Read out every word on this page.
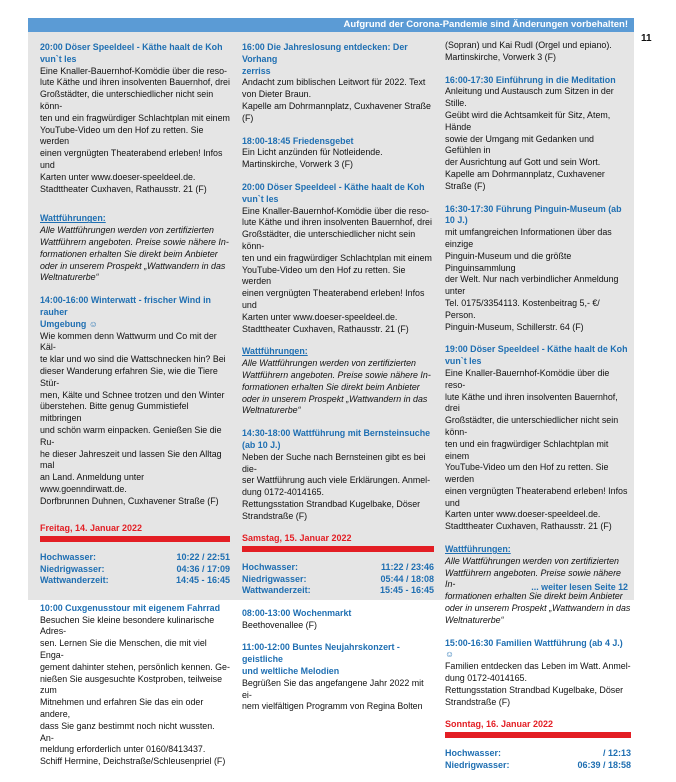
Aufgrund der Corona-Pandemie sind Änderungen vorbehalten!
11
20:00 Döser Speeldeel - Käthe haalt de Koh
vun`t les
Eine Knaller-Bauernhof-Komödie über die reso-
lute Käthe und ihren insolventen Bauernhof, drei
Großstädter, die unterschiedlicher nicht sein könn-
ten und ein fragwürdiger Schlachtplan mit einem
YouTube-Video um den Hof zu retten. Sie werden
einen vergnügten Theaterabend erleben! Infos und
Karten unter www.doeser-speeldeel.de.
Stadttheater Cuxhaven, Rathausstr. 21 (F)
Wattführungen:
Alle Wattführungen werden von zertifizierten
Wattführern angeboten. Preise sowie nähere In-
formationen erhalten Sie direkt beim Anbieter
oder in unserem Prospekt „Wattwandern in das
Weltnaturerbe“
14:00-16:00 Winterwatt - frischer Wind in rauher
Umgebung ☺
Wie kommen denn Wattwurm und Co mit der Käl-
te klar und wo sind die Wattschnecken hin? Bei
dieser Wanderung erfahren Sie, wie die Tiere Stür-
men, Kälte und Schnee trotzen und den Winter
überstehen. Bitte genug Gummistiefel mitbringen
und schön warm einpacken. Genießen Sie die Ru-
he dieser Jahreszeit und lassen Sie den Alltag mal
an Land. Anmeldung unter www.goenndirwatt.de.
Dorfbrunnen Duhnen, Cuxhavener Straße (F)
Freitag, 14. Januar 2022
Hochwasser:	10:22 / 22:51
Niedrigwasser:	04:36 / 17:09
Wattwanderzeit:	14:45 - 16:45
10:00 Cuxgenusstour mit eigenem Fahrrad
Besuchen Sie kleine besondere kulinarische Adres-
sen. Lernen Sie die Menschen, die mit viel Enga-
gement dahinter stehen, persönlich kennen. Ge-
nießen Sie ausgesuchte Kostproben, teilweise zum
Mitnehmen und erfahren Sie das ein oder andere,
dass Sie ganz bestimmt noch nicht wussten. An-
meldung erforderlich unter 0160/8413437.
Schiff Hermine, Deichstraße/Schleusenpriel (F)
16:00 Die Jahreslosung entdecken: Der Vorhang
zerriss
Andacht zum biblischen Leitwort für 2022. Text
von Dieter Braun.
Kapelle am Dohrmannplatz, Cuxhavener Straße (F)
18:00-18:45 Friedensgebet
Ein Licht anzünden für Notleidende.
Martinskirche, Vorwerk 3 (F)
20:00 Döser Speeldeel - Käthe haalt de Koh
vun`t les
Eine Knaller-Bauernhof-Komödie über die reso-
lute Käthe und ihren insolventen Bauernhof, drei
Großstädter, die unterschiedlicher nicht sein könn-
ten und ein fragwürdiger Schlachtplan mit einem
YouTube-Video um den Hof zu retten. Sie werden
einen vergnügten Theaterabend erleben! Infos und
Karten unter www.doeser-speeldeel.de.
Stadttheater Cuxhaven, Rathausstr. 21 (F)
Wattführungen:
Alle Wattführungen werden von zertifizierten
Wattführern angeboten. Preise sowie nähere In-
formationen erhalten Sie direkt beim Anbieter
oder in unserem Prospekt „Wattwandern in das
Weltnaturerbe“
14:30-18:00 Wattführung mit Bernsteinsuche
(ab 10 J.)
Neben der Suche nach Bernsteinen gibt es bei die-
ser Wattführung auch viele Erklärungen. Anmel-
dung 0172-4014165.
Rettungsstation Strandbad Kugelbake, Döser
Strandstraße (F)
Samstag, 15. Januar 2022
Hochwasser:	11:22 / 23:46
Niedrigwasser:	05:44 / 18:08
Wattwanderzeit:	15:45 - 16:45
08:00-13:00 Wochenmarkt
Beethovenallee (F)
11:00-12:00 Buntes Neujahrskonzert - geistliche
und weltliche Melodien
Begrüßen Sie das angefangene Jahr 2022 mit ei-
nem vielfältigen Programm von Regina Bolten
(Sopran) und Kai Rudl (Orgel und epiano).
Martinskirche, Vorwerk 3 (F)
16:00-17:30 Einführung in die Meditation
Anleitung und Austausch zum Sitzen in der Stille.
Geübt wird die Achtsamkeit für Sitz, Atem, Hände
sowie der Umgang mit Gedanken und Gefühlen in
der Ausrichtung auf Gott und sein Wort.
Kapelle am Dohrmannplatz, Cuxhavener Straße (F)
16:30-17:30 Führung Pinguin-Museum (ab 10 J.)
mit umfangreichen Informationen über das einzige
Pinguin-Museum und die größte Pinguinsammlung
der Welt. Nur nach verbindlicher Anmeldung unter
Tel. 0175/3354113. Kostenbeitrag 5,- €/ Person.
Pinguin-Museum, Schillerstr. 64 (F)
19:00 Döser Speeldeel - Käthe haalt de Koh
vun`t les
Eine Knaller-Bauernhof-Komödie über die reso-
lute Käthe und ihren insolventen Bauernhof, drei
Großstädter, die unterschiedlicher nicht sein könn-
ten und ein fragwürdiger Schlachtplan mit einem
YouTube-Video um den Hof zu retten. Sie werden
einen vergnügten Theaterabend erleben! Infos und
Karten unter www.doeser-speeldeel.de.
Stadttheater Cuxhaven, Rathausstr. 21 (F)
Wattführungen:
Alle Wattführungen werden von zertifizierten
Wattführern angeboten. Preise sowie nähere In-
formationen erhalten Sie direkt beim Anbieter
oder in unserem Prospekt „Wattwandern in das
Weltnaturerbe“
15:00-16:30 Familien Wattführung (ab 4 J.) ☺
Familien entdecken das Leben im Watt. Anmel-
dung 0172-4014165.
Rettungsstation Strandbad Kugelbake, Döser
Strandstraße (F)
Sonntag, 16. Januar 2022
Hochwasser:	/ 12:13
Niedrigwasser:	06:39 / 18:58
... weiter lesen Seite 12
